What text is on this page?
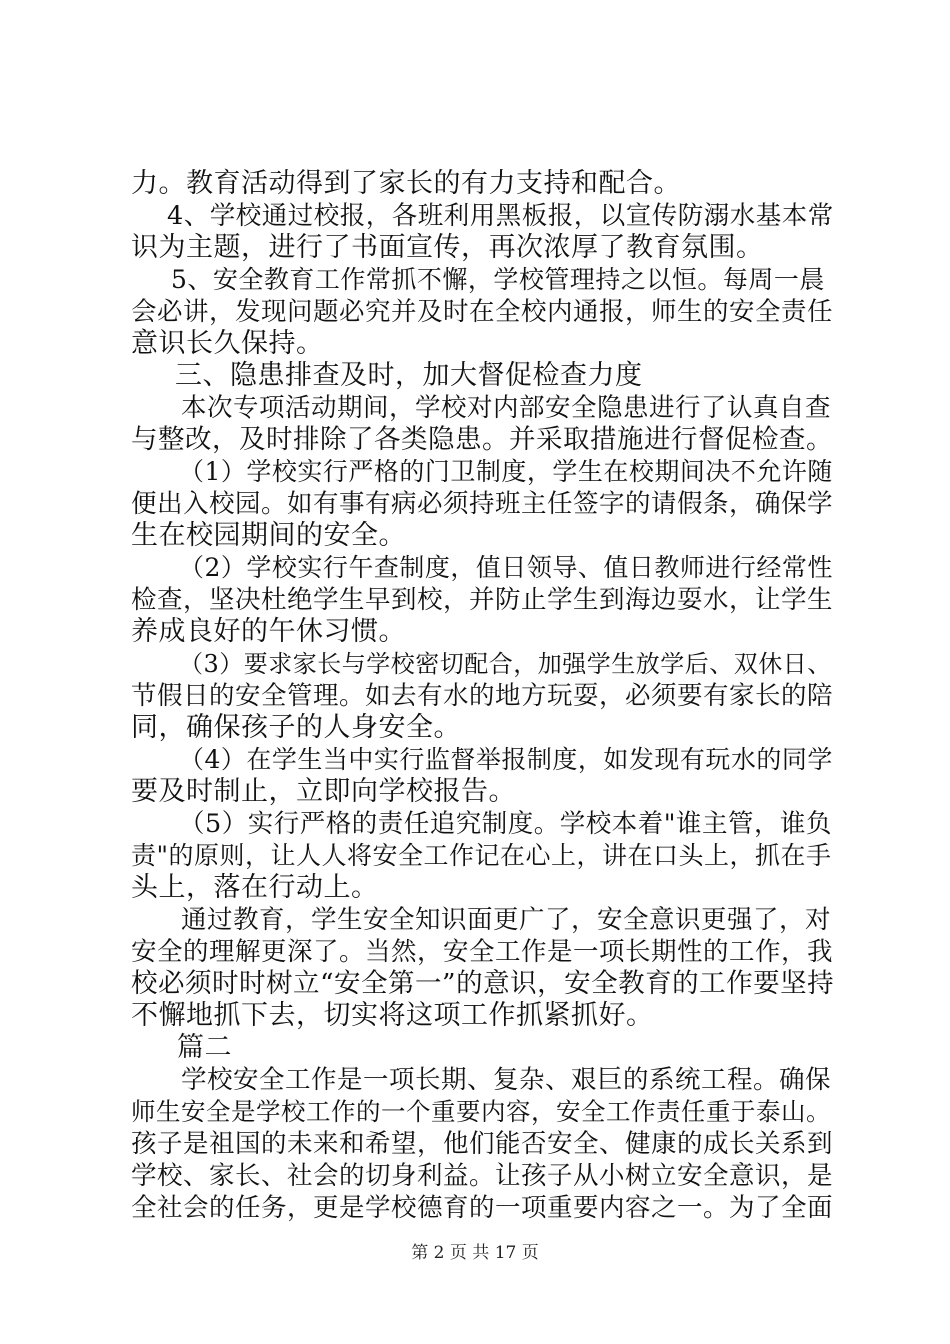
力。教育活动得到了家长的有力支持和配合。
4、学校通过校报，各班利用黑板报，以宣传防溺水基本常
识为主题，进行了书面宣传，再次浓厚了教育氛围。
5、安全教育工作常抓不懈，学校管理持之以恒。每周一晨
会必讲，发现问题必究并及时在全校内通报，师生的安全责任
意识长久保持。
三、隐患排查及时，加大督促检查力度
本次专项活动期间，学校对内部安全隐患进行了认真自查
与整改，及时排除了各类隐患。并采取措施进行督促检查。
（1）学校实行严格的门卫制度，学生在校期间决不允许随
便出入校园。如有事有病必须持班主任签字的请假条，确保学
生在校园期间的安全。
（2）学校实行午查制度，值日领导、值日教师进行经常性
检查，坚决杜绝学生早到校，并防止学生到海边耍水，让学生
养成良好的午休习惯。
（3）要求家长与学校密切配合，加强学生放学后、双休日、
节假日的安全管理。如去有水的地方玩耍，必须要有家长的陪
同，确保孩子的人身安全。
（4）在学生当中实行监督举报制度，如发现有玩水的同学
要及时制止，立即向学校报告。
（5）实行严格的责任追究制度。学校本着"谁主管，谁负
责"的原则，让人人将安全工作记在心上，讲在口头上，抓在手
头上，落在行动上。
通过教育，学生安全知识面更广了，安全意识更强了，对
安全的理解更深了。当然，安全工作是一项长期性的工作，我
校必须时时树立“安全第一”的意识，安全教育的工作要坚持
不懈地抓下去，切实将这项工作抓紧抓好。
篇二
学校安全工作是一项长期、复杂、艰巨的系统工程。确保
师生安全是学校工作的一个重要内容，安全工作责任重于泰山。
孩子是祖国的未来和希望，他们能否安全、健康的成长关系到
学校、家长、社会的切身利益。让孩子从小树立安全意识，是
全社会的任务，更是学校德育的一项重要内容之一。为了全面
第 2 页 共 17 页
